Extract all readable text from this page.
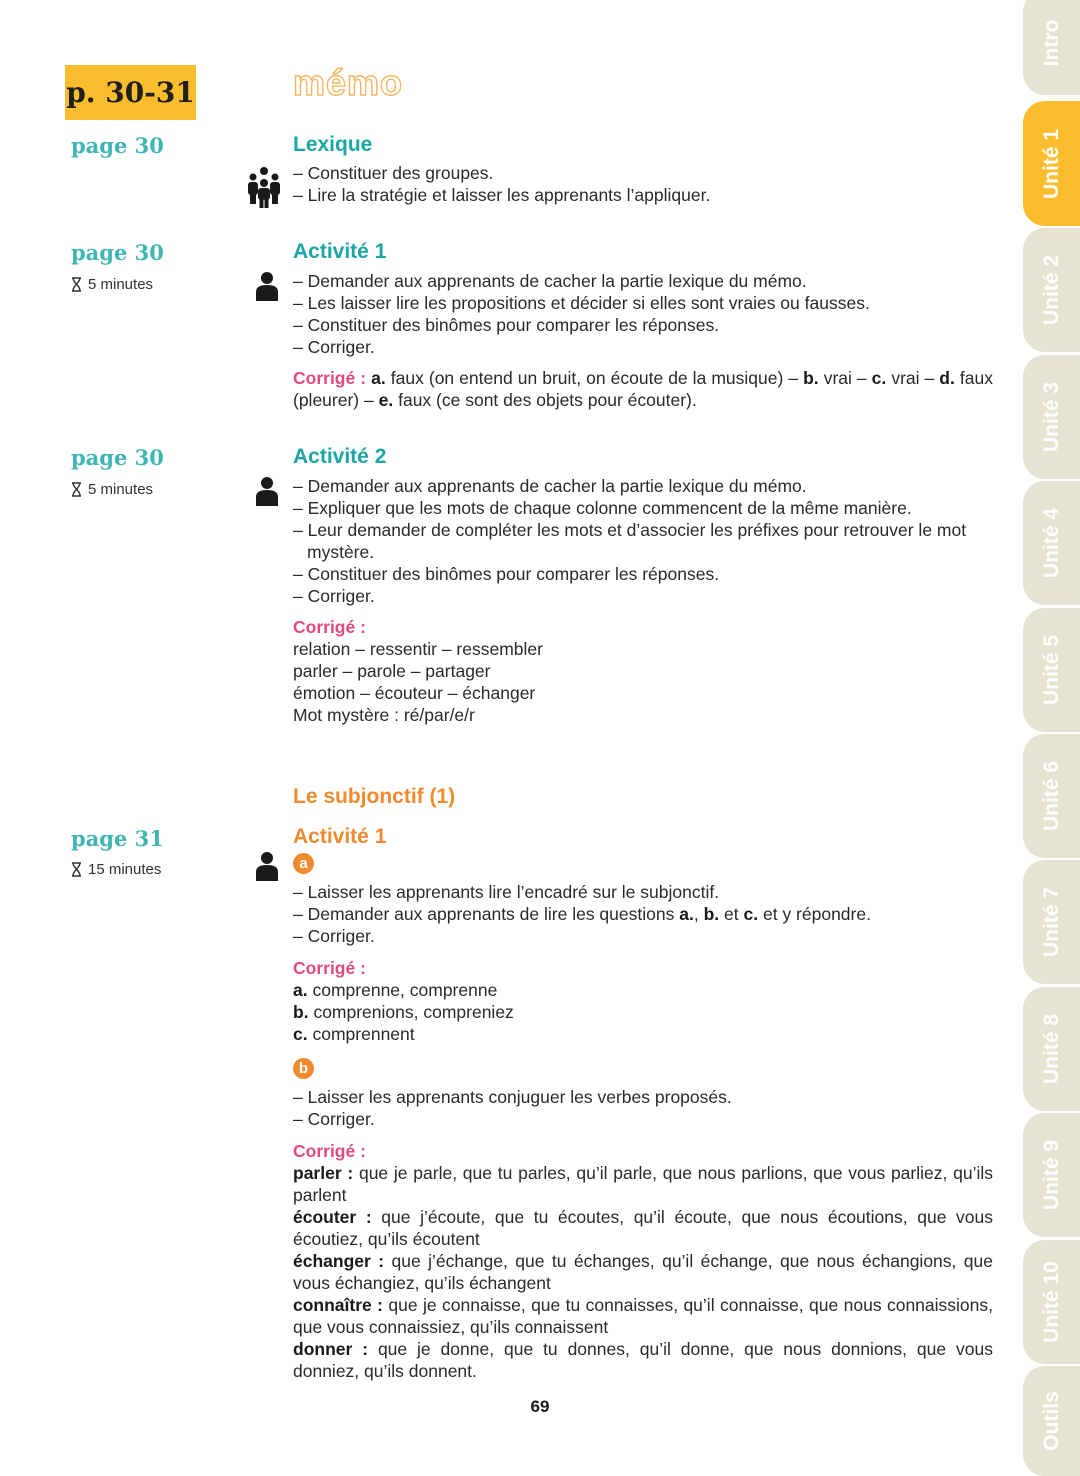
p. 30-31	mémo
page 30	Lexique

– Constituer des groupes.

– Lire la stratégie et laisser les apprenants l’appliquer.

page 30
5 minutes
Activité 1

– Demander aux apprenants de cacher la partie lexique du mémo.

– Les laisser lire les propositions et décider si elles sont vraies ou fausses.

– Constituer des binômes pour comparer les réponses.

– Corriger.

Corrigé : a. faux (on entend un bruit, on écoute de la musique) – b. vrai – c. vrai – d. faux (pleurer) – e. faux (ce sont des objets pour écouter).
page 30
5 minutes
Activité 2

– Demander aux apprenants de cacher la partie lexique du mémo.

– Expliquer que les mots de chaque colonne commencent de la même manière.

– Leur demander de compléter les mots et d’associer les préfixes pour retrouver le mot mystère.

– Constituer des binômes pour comparer les réponses.

– Corriger.

Corrigé :

relation – ressentir – ressembler

parler – parole – partager

émotion – écouteur – échanger

Mot mystère : ré/par/e/r

Le subjonctif (1)
page 31
15 minutes
Activité 1
a

– Laisser les apprenants lire l’encadré sur le subjonctif.

– Demander aux apprenants de lire les questions a., b. et c. et y répondre.

– Corriger.

Corrigé :

a. comprenne, comprenne

b. comprenions, compreniez

c. comprennent

b

– Laisser les apprenants conjuguer les verbes proposés.

– Corriger.

Corrigé :

parler : que je parle, que tu parles, qu’il parle, que nous parlions, que vous parliez, qu’ils parlent

écouter : que j’écoute, que tu écoutes, qu’il écoute, que nous écoutions, que vous écoutiez, qu’ils écoutent

échanger : que j’échange, que tu échanges, qu’il échange, que nous échangions, que vous échangiez, qu’ils échangent

connaître : que je connaisse, que tu connaisses, qu’il connaisse, que nous connaissions, que vous connaissiez, qu’ils connaissent

donner : que je donne, que tu donnes, qu’il donne, que nous donnions, que vous donniez, qu’ils donnent.

69
Intro
Unité 1
Unité 2
Unité 3
Unité 4
Unité 5
Unité 6
Unité 7
Unité 8
Unité 9
Unité 10
Outils
